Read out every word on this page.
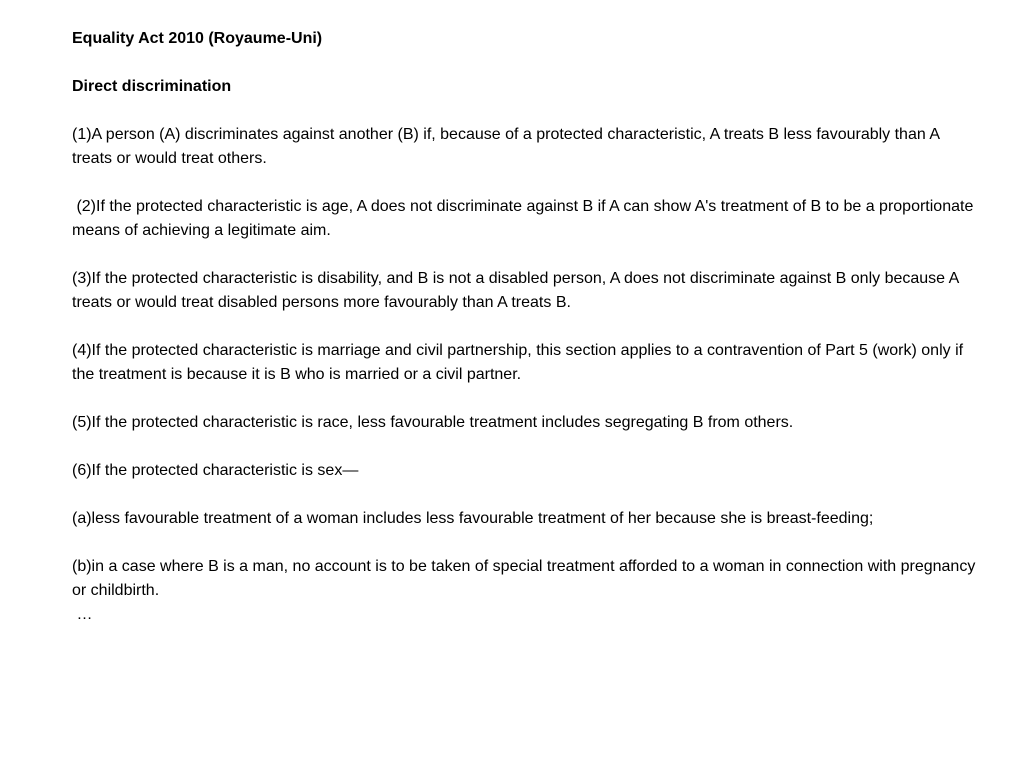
Equality Act 2010 (Royaume-Uni)

Direct discrimination

(1)A person (A) discriminates against another (B) if, because of a protected characteristic, A treats B less favourably than A treats or would treat others.

(2)If the protected characteristic is age, A does not discriminate against B if A can show A's treatment of B to be a proportionate means of achieving a legitimate aim.

(3)If the protected characteristic is disability, and B is not a disabled person, A does not discriminate against B only because A treats or would treat disabled persons more favourably than A treats B.

(4)If the protected characteristic is marriage and civil partnership, this section applies to a contravention of Part 5 (work) only if the treatment is because it is B who is married or a civil partner.

(5)If the protected characteristic is race, less favourable treatment includes segregating B from others.

(6)If the protected characteristic is sex—

(a)less favourable treatment of a woman includes less favourable treatment of her because she is breast-feeding;

(b)in a case where B is a man, no account is to be taken of special treatment afforded to a woman in connection with pregnancy or childbirth.

…
